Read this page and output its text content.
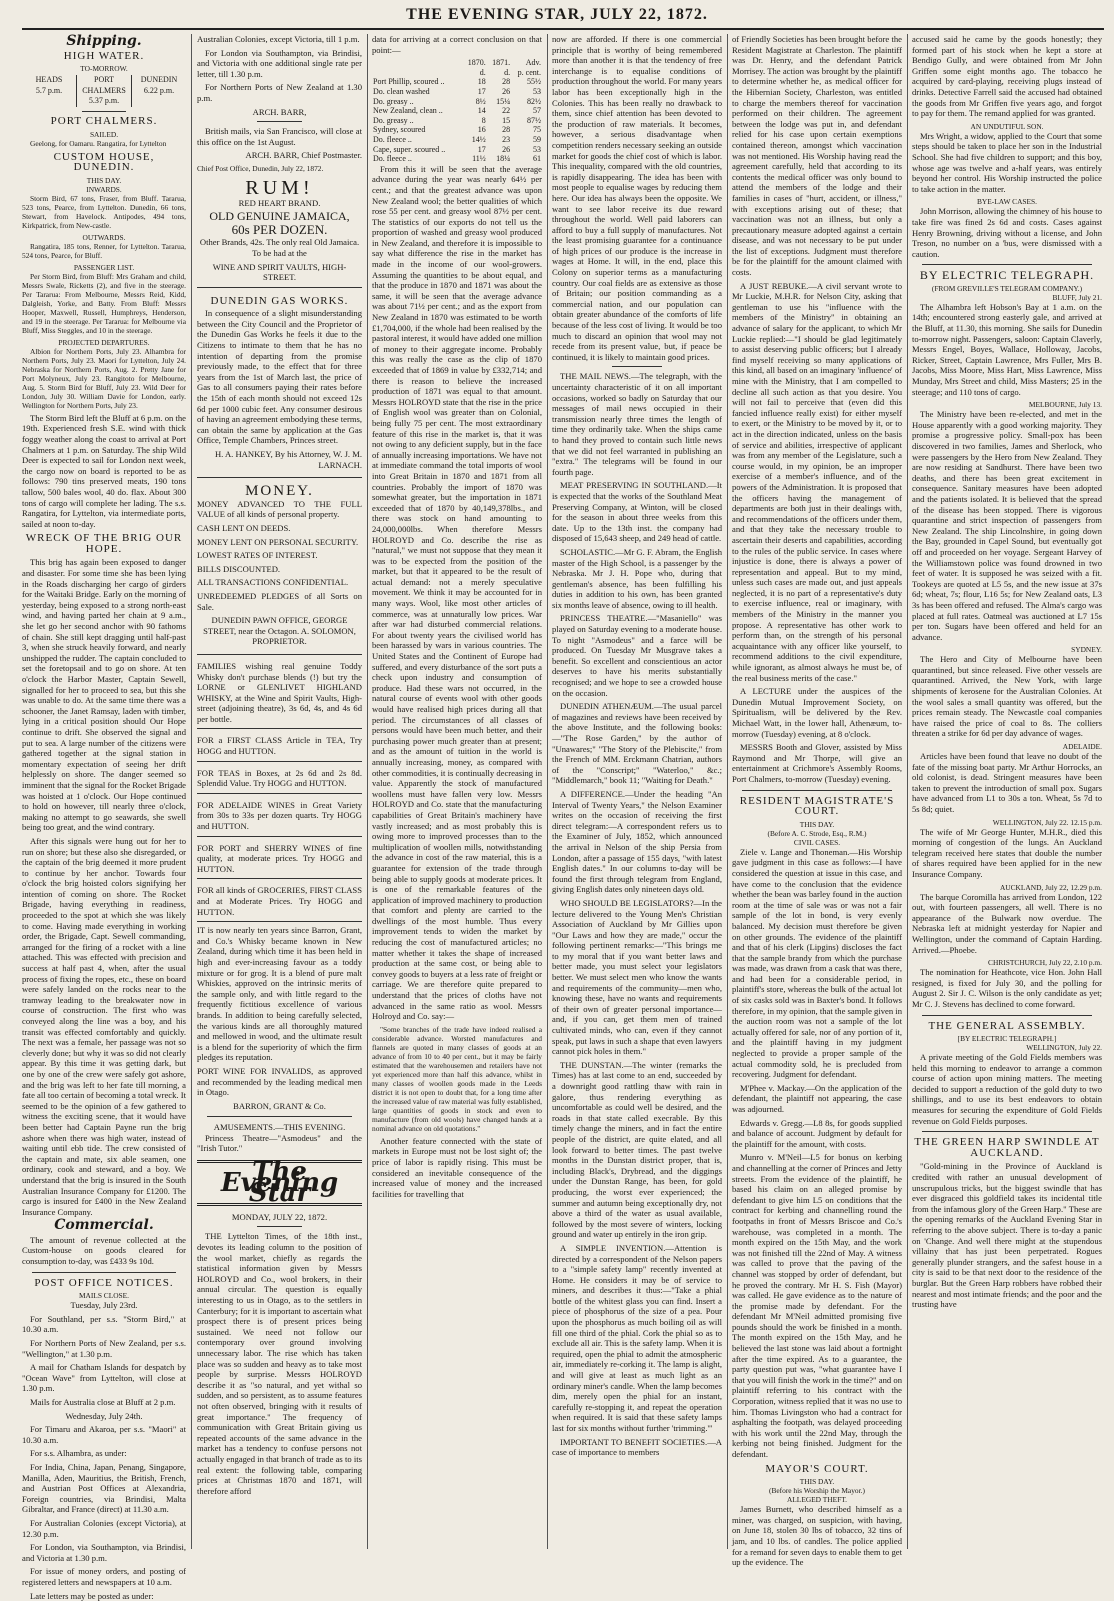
THE EVENING STAR, JULY 22, 1872.
Shipping.
HIGH WATER.
TO-MORROW.
HEADS
5.7 p.m.
PORT CHALMERS
5.37 p.m.
DUNEDIN
6.22 p.m.
PORT CHALMERS.
SAILED.

Geelong, for Oamaru. Rangatira, for Lyttelton

CUSTOM HOUSE, DUNEDIN.
THIS DAY.
INWARDS.

Storm Bird, 67 tons, Fraser, from Bluff. Tararua, 523 tons, Pearce, from Lyttelton. Dunedin, 66 tons, Stewart, from Havelock. Antipodes, 494 tons, Kirkpatrick, from New-castle.

OUTWARDS.

Rangatira, 185 tons, Renner, for Lyttelton. Tararua, 524 tons, Pearce, for Bluff.

PASSENGER LIST.

Per Storm Bird, from Bluff: Mrs Graham and child, Messrs Swale, Ricketts (2), and five in the steerage. Per Tararua: From Melbourne, Messrs Reid, Kidd, Dalgleish, Yorke, and Batty. From Bluff: Messrs Hooper, Maxwell, Russell, Humphreys, Henderson, and 19 in the steerage. Per Tararua: for Melbourne via Bluff, Miss Steggles, and 10 in the steerage.

PROJECTED DEPARTURES.

Albion for Northern Ports, July 23. Alhambra for Northern Ports, July 23. Maori for Lyttelton, July 24. Nebraska for Northern Ports, Aug. 2. Pretty Jane for Port Molyneux, July 23. Rangitoto for Melbourne, Aug. 5. Storm Bird for Bluff, July 23. Wild Deer for London, July 30. William Davie for London, early. Wellington for Northern Ports, July 23.

The Storm Bird left the Bluff at 6 p.m. on the 19th. Experienced fresh S.E. wind with thick foggy weather along the coast to arrival at Port Chalmers at 1 p.m. on Saturday. The ship Wild Deer is expected to sail for London next week, the cargo now on board is reported to be as follows: 790 tins preserved meats, 190 tons tallow, 500 bales wool, 40 do. flax. About 300 tons of cargo will complete her lading. The s.s. Rangatira, for Lyttelton, via intermediate ports, sailed at noon to-day.

WRECK OF THE BRIG OUR HOPE.

This brig has again been exposed to danger and disaster. For some time she has been lying in the Roads discharging her cargo of girders for the Waitaki Bridge. Early on the morning of yesterday, being exposed to a strong north-east wind, and having parted her chain at 9 a.m., she let go her second anchor with 90 fathoms of chain. She still kept dragging until half-past 3, when she struck heavily forward, and nearly unshipped the rudder. The captain concluded to set the foretopsail and to go on shore. At ten o'clock the Harbor Master, Captain Sewell, signalled for her to proceed to sea, but this she was unable to do. At the same time there was a schooner, the Janet Ramsay, laden with timber, lying in a critical position should Our Hope continue to drift. She observed the signal and put to sea. A large number of the citizens were gathered together at the signal station in momentary expectation of seeing her drift helplessly on shore. The danger seemed so imminent that the signal for the Rocket Brigade was hoisted at 1 o'clock. Our Hope continued to hold on however, till nearly three o'clock, making no attempt to go seawards, she swell being too great, and the wind contrary.

After this signals were hung out for her to run on shore; but these also she disregarded, or the captain of the brig deemed it more prudent to continue by her anchor. Towards four o'clock the brig hoisted colors signifying her intention of coming on shore. The Rocket Brigade, having everything in readiness, proceeded to the spot at which she was likely to come. Having made everything in working order, the Brigade, Capt. Sewell commanding, arranged for the firing of a rocket with a line attached. This was effected with precision and success at half past 4, when, after the usual process of fixing the ropes, etc., these on board were safely landed on the rocks near to the tramway leading to the breakwater now in course of construction. The first who was conveyed along the line was a boy, and his transit was effected comfortably and quickly. The next was a female, her passage was not so cleverly done; but why it was so did not clearly appear. By this time it was getting dark, but one by one of the crew were safely got ashore, and the brig was left to her fate till morning, a fate all too certain of becoming a total wreck. It seemed to be the opinion of a few gathered to witness the exciting scene, that it would have been better had Captain Payne run the brig ashore when there was high water, instead of waiting until ebb tide. The crew consisted of the captain and mate, six able seamen, one ordinary, cook and steward, and a boy. We understand that the brig is insured in the South Australian Insurance Company for £1200. The cargo is insured for £400 in the New Zealand Insurance Company.

Commercial.

The amount of revenue collected at the Custom-house on goods cleared for consumption to-day, was £433 9s 10d.

POST OFFICE NOTICES.
MAILS CLOSE.

Tuesday, July 23rd.

For Southland, per s.s. "Storm Bird," at 10.30 a.m.

For Northern Ports of New Zealand, per s.s. "Wellington," at 1.30 p.m.

A mail for Chatham Islands for despatch by "Ocean Wave" from Lyttelton, will close at 1.30 p.m.

Mails for Australia close at Bluff at 2 p.m.

Wednesday, July 24th.

For Timaru and Akaroa, per s.s. "Maori" at 10.30 a.m.

For s.s. Alhambra, as under:

For India, China, Japan, Penang, Singapore, Manilla, Aden, Mauritius, the British, French, and Austrian Post Offices at Alexandria, Foreign countries, via Brindisi, Malta Gibraltar, and France (direct) at 11.30 a.m.

For Australian Colonies (except Victoria), at 12.30 p.m.

For London, via Southampton, via Brindisi, and Victoria at 1.30 p.m.

For issue of money orders, and posting of registered letters and newspapers at 10 a.m.

Late letters may be posted as under:

Australian Colonies, except Victoria, till 1 p.m.

For London via Southampton, via Brindisi, and Victoria with one additional single rate per letter, till 1.30 p.m.

For Northern Ports of New Zealand at 1.30 p.m.

ARCH. BARR,

British mails, via San Francisco, will close at this office on the 1st August.

ARCH. BARR, Chief Postmaster.

Chief Post Office, Dunedin, July 22, 1872.

RUM!
RED HEART BRAND.
OLD GENUINE JAMAICA,
60s PER DOZEN.

Other Brands, 42s. The only real Old Jamaica. To be had at the

WINE AND SPIRIT VAULTS, HIGH-STREET.
DUNEDIN GAS WORKS.

In consequence of a slight misunderstanding between the City Council and the Proprietor of the Dunedin Gas Works he feels it due to the Citizens to intimate to them that he has no intention of departing from the promise previously made, to the effect that for three years from the 1st of March last, the price of Gas to all consumers paying their rates before the 15th of each month should not exceed 12s 6d per 1000 cubic feet. Any consumer desirous of having an agreement embodying these terms, can obtain the same by application at the Gas Office, Temple Chambers, Princes street.

H. A. HANKEY, By his Attorney, W. J. M. LARNACH.

MONEY.

MONEY ADVANCED TO THE FULL VALUE of all kinds of personal property.

CASH LENT ON DEEDS.

MONEY LENT ON PERSONAL SECURITY.

LOWEST RATES OF INTEREST.

BILLS DISCOUNTED.

ALL TRANSACTIONS CONFIDENTIAL.

UNREDEEMED PLEDGES of all Sorts on Sale.

DUNEDIN PAWN OFFICE, GEORGE STREET, near the Octagon. A. SOLOMON, PROPRIETOR.

FAMILIES wishing real genuine Toddy Whisky don't purchase blends (!) but try the LORNE or GLENLIVET HIGHLAND WHISKY, at the Wine and Spirit Vaults, High-street (adjoining theatre), 3s 6d, 4s, and 4s 6d per bottle.

FOR a FIRST CLASS Article in TEA, Try HOGG and HUTTON.

FOR TEAS in Boxes, at 2s 6d and 2s 8d. Splendid Value. Try HOGG and HUTTON.

FOR ADELAIDE WINES in Great Variety from 30s to 33s per dozen quarts. Try HOGG and HUTTON.

FOR PORT and SHERRY WINES of fine quality, at moderate prices. Try HOGG and HUTTON.

FOR all kinds of GROCERIES, FIRST CLASS and at Moderate Prices. Try HOGG and HUTTON.

IT is now nearly ten years since Barron, Grant, and Co.'s Whisky became known in New Zealand, during which time it has been held in high and ever-increasing favour as a toddy mixture or for grog. It is a blend of pure malt Whiskies, approved on the intrinsic merits of the sample only, and with little regard to the frequently fictitious excellence of various brands. In addition to being carefully selected, the various kinds are all thoroughly matured and mellowed in wood, and the ultimate result is a blend for the superiority of which the firm pledges its reputation.

PORT WINE FOR INVALIDS, as approved and recommended by the leading medical men in Otago.

BARRON, GRANT & Co.

AMUSEMENTS.—THIS EVENING.

Princess Theatre—"Asmodeus" and the "Irish Tutor."

The Evening Star
MONDAY, JULY 22, 1872.

THE Lyttelton Times, of the 18th inst., devotes its leading column to the position of the wool market, chiefly as regards the statistical information given by Messrs HOLROYD and Co., wool brokers, in their annual circular. The question is equally interesting to us in Otago, as to the settlers in Canterbury; for it is important to ascertain what prospect there is of present prices being sustained. We need not follow our contemporary over ground involving unnecessary labor. The rise which has taken place was so sudden and heavy as to take most people by surprise. Messrs HOLROYD describe it as "so natural, and yet withal so sudden, and so persistent, as to assume features not often observed, bringing with it results of great importance." The frequency of communication with Great Britain giving us repeated accounts of the same advance in the market has a tendency to confuse persons not actually engaged in that branch of trade as to its real extent: the following table, comparing prices at Christmas 1870 and 1871, will therefore afford

data for arriving at a correct conclusion on that point:—

	1870.	1871.	Adv.
	d.	d.	p. cent.
Port Phillip, scoured ..	18	28	55½
Do. clean washed	17	26	53
Do. greasy ..	8½	15¼	82½
New Zealand, clean ..	14	22	57
Do. greasy ..	8	15	87½
Sydney, scoured	16	28	75
Do. fleece ..	14½	23	59
Cape, super. scoured ..	17	26	53
Do. fleece ..	11½	18¼	61

From this it will be seen that the average advance during the year was nearly 64½ per cent.; and that the greatest advance was upon New Zealand wool; the better qualities of which rose 55 per cent. and greasy wool 87½ per cent. The statistics of our exports do not tell us the proportion of washed and greasy wool produced in New Zealand, and therefore it is impossible to say what difference the rise in the market has made in the income of our wool-growers. Assuming the quantities to be about equal, and that the produce in 1870 and 1871 was about the same, it will be seen that the average advance was about 71½ per cent.; and as the export from New Zealand in 1870 was estimated to be worth £1,704,000, if the whole had been realised by the pastoral interest, it would have added one million of money to their aggregate income. Probably this was really the case as the clip of 1870 exceeded that of 1869 in value by £332,714; and there is reason to believe the increased production of 1871 was equal to that amount. Messrs HOLROYD state that the rise in the price of English wool was greater than on Colonial, being fully 75 per cent. The most extraordinary feature of this rise in the market is, that it was not owing to any deficient supply, but in the face of annually increasing importations. We have not at immediate command the total imports of wool into Great Britain in 1870 and 1871 from all countries. Probably the import of 1870 was somewhat greater, but the importation in 1871 exceeded that of 1870 by 40,149,378lbs., and there was stock on hand amounting to 24,000,000lbs. When therefore Messrs HOLROYD and Co. describe the rise as "natural," we must not suppose that they mean it was to be expected from the position of the market, but that it appeared to be the result of actual demand: not a merely speculative movement. We think it may be accounted for in many ways. Wool, like most other articles of commerce, was at unnaturally low prices. War after war had disturbed commercial relations. For about twenty years the civilised world has been harassed by wars in various countries. The United States and the Continent of Europe had suffered, and every disturbance of the sort puts a check upon industry and consumption of produce. Had these wars not occurred, in the natural course of events wool with other goods would have realised high prices during all that period. The circumstances of all classes of persons would have been much better, and their purchasing power much greater than at present; and as the amount of tuition in the world is annually increasing, money, as compared with other commodities, it is continually decreasing in value. Apparently the stock of manufactured woollens must have fallen very low. Messrs HOLROYD and Co. state that the manufacturing capabilities of Great Britain's machinery have vastly increased; and as most probably this is owing more to improved processes than to the multiplication of woollen mills, notwithstanding the advance in cost of the raw material, this is a guarantee for extension of the trade through being able to supply goods at moderate prices. It is one of the remarkable features of the application of improved machinery to production that comfort and plenty are carried to the dwellings of the most humble. Thus every improvement tends to widen the market by reducing the cost of manufactured articles; no matter whether it takes the shape of increased production at the same cost, or being able to convey goods to buyers at a less rate of freight or carriage. We are therefore quite prepared to understand that the prices of cloths have not advanced in the same ratio as wool. Messrs Holroyd and Co. say:—

"Some branches of the trade have indeed realised a considerable advance. Worsted manufactures and flannels are quoted in many classes of goods at an advance of from 10 to 40 per cent., but it may be fairly estimated that the warehousemen and retailers have not yet experienced more than half this advance, whilst in many classes of woollen goods made in the Leeds district it is not open to doubt that, for a long time after the increased value of raw material was fully established, large quantities of goods in stock and even to manufacture (from old wools) have changed hands at a nominal advance on old quotations."

Another feature connected with the state of markets in Europe must not be lost sight of; the price of labor is rapidly rising. This must be considered an inevitable consequence of the increased value of money and the increased facilities for travelling that

now are afforded. If there is one commercial principle that is worthy of being remembered more than another it is that the tendency of free interchange is to equalise conditions of production throughout the world. For many years labor has been exceptionally high in the Colonies. This has been really no drawback to them, since chief attention has been devoted to the production of raw materials. It becomes, however, a serious disadvantage when competition renders necessary seeking an outside market for goods the chief cost of which is labor. This inequality, compared with the old countries, is rapidly disappearing. The idea has been with most people to equalise wages by reducing them here. Our idea has always been the opposite. We want to see labor receive its due reward throughout the world. Well paid laborers can afford to buy a full supply of manufactures. Not the least promising guarantee for a continuance of high prices of our produce is the increase in wages at Home. It will, in the end, place this Colony on superior terms as a manufacturing country. Our coal fields are as extensive as those of Britain; our position commanding as a commercial nation, and our population can obtain greater abundance of the comforts of life because of the less cost of living. It would be too much to discard an opinion that wool may not recede from its present value, but, if peace be continued, it is likely to maintain good prices.

THE MAIL NEWS.—The telegraph, with the uncertainty characteristic of it on all important occasions, worked so badly on Saturday that our messages of mail news occupied in their transmission nearly three times the length of time they ordinarily take. When the ships came to hand they proved to contain such little news that we did not feel warranted in publishing an "extra." The telegrams will be found in our fourth page.

MEAT PRESERVING IN SOUTHLAND.—It is expected that the works of the Southland Meat Preserving Company, at Winton, will be closed for the season in about three weeks from this date. Up to the 13th inst. the company had disposed of 15,643 sheep, and 249 head of cattle.

SCHOLASTIC.—Mr G. F. Abram, the English master of the High School, is a passenger by the Nebraska. Mr J. H. Pope who, during that gentleman's absence, has been fulfilling his duties in addition to his own, has been granted six months leave of absence, owing to ill health.

PRINCESS THEATRE.—"Masaniello" was played on Saturday evening to a moderate house. To night "Asmodeus" and a farce will be produced. On Tuesday Mr Musgrave takes a benefit. So excellent and conscientious an actor deserves to have his merits substantially recognised; and we hope to see a crowded house on the occasion.

DUNEDIN ATHENÆUM.—The usual parcel of magazines and reviews have been received by the above Institute, and the following books:—"The Rose Garden," by the author of "Unawares;" "The Story of the Plebiscite," from the French of MM. Erckmann Chatrian, authors of the "Conscript;" "Waterloo," &c.; "Middlemarch," book 11; "Waiting for Death."

A DIFFERENCE.—Under the heading "An Interval of Twenty Years," the Nelson Examiner writes on the occasion of receiving the first direct telegram:—A correspondent refers us to the Examiner of July, 1852, which announced the arrival in Nelson of the ship Persia from London, after a passage of 155 days, "with latest English dates." In our columns to-day will be found the first through telegram from England, giving English dates only nineteen days old.

WHO SHOULD BE LEGISLATORS?—In the lecture delivered to the Young Men's Christian Association of Auckland by Mr Gillies upon "Our Laws and how they are made," occur the following pertinent remarks:—"This brings me to my moral that if you want better laws and better made, you must select your legislators better. We must select men who know the wants and requirements of the community—men who, knowing these, have no wants and requirements of their own of greater personal importance—and, if you can, get them men of trained cultivated minds, who can, even if they cannot speak, put laws in such a shape that even lawyers cannot pick holes in them."

THE DUNSTAN.—The winter (remarks the Times) has at last come to an end, succeeded by a downright good rattling thaw with rain in galore, thus rendering everything as uncomfortable as could well be desired, and the roads in that state called execrable. By this timely change the miners, and in fact the entire people of the district, are quite elated, and all look forward to better times. The past twelve months in the Dunstan district proper, that is, including Black's, Drybread, and the diggings under the Dunstan Range, has been, for gold producing, the worst ever experienced; the summer and autumn being exceptionally dry, not above a third of the water as usual available, followed by the most severe of winters, locking ground and water up entirely in the iron grip.

A SIMPLE INVENTION.—Attention is directed by a correspondent of the Nelson papers to a "simple safety lamp" recently invented at Home. He considers it may be of service to miners, and describes it thus:—"Take a phial bottle of the whitest glass you can find. Insert a piece of phosphorus of the size of a pea. Pour upon the phosphorus as much boiling oil as will fill one third of the phial. Cork the phial so as to exclude all air. This is the safety lamp. When it is required, open the phial to admit the atmospheric air, immediately re-corking it. The lamp is alight, and will give at least as much light as an ordinary miner's candle. When the lamp becomes dim, merely open the phial for an instant, carefully re-stopping it, and repeat the operation when required. It is said that these safety lamps last for six months without further 'trimming.'"

IMPORTANT TO BENEFIT SOCIETIES.—A case of importance to members

of Friendly Societies has been brought before the Resident Magistrate at Charleston. The plaintiff was Dr. Henry, and the defendant Patrick Morrisey. The action was brought by the plaintiff to determine whether he, as medical officer for the Hibernian Society, Charleston, was entitled to charge the members thereof for vaccination performed on their children. The agreement between the lodge was put in, and defendant relied for his case upon certain exemptions contained thereon, amongst which vaccination was not mentioned. His Worship having read the agreement carefully, held that according to its contents the medical officer was only bound to attend the members of the lodge and their families in cases of "hurt, accident, or illness," with exceptions arising out of these; that vaccination was not an illness, but only a precautionary measure adopted against a certain disease, and was not necessary to be put under the list of exceptions. Judgment must therefore be for the plaintiff for the amount claimed with costs.

A JUST REBUKE.—A civil servant wrote to Mr Luckie, M.H.R. for Nelson City, asking that gentleman to use his "influence with the members of the Ministry" in obtaining an advance of salary for the applicant, to which Mr Luckie replied:—"I should be glad legitimately to assist deserving public officers; but I already find myself receiving so many applications of this kind, all based on an imaginary 'influence' of mine with the Ministry, that I am compelled to decline all such action as that you desire. You will not fail to perceive that (even did this fancied influence really exist) for either myself to exert, or the Ministry to be moved by it, or to act in the direction indicated, unless on the basis of service and abilities, irrespective of applicant was from any member of the Legislature, such a course would, in my opinion, be an improper exercise of a member's influence, and of the powers of the Administration. It is proposed that the officers having the management of departments are both just in their dealings with, and recommendations of the officers under them, and that they take the necessary trouble to ascertain their deserts and capabilities, according to the rules of the public service. In cases where injustice is done, there is always a power of representation and appeal. But to my mind, unless such cases are made out, and just appeals neglected, it is no part of a representative's duty to exercise influence, real or imaginary, with members of the Ministry in the manner you propose. A representative has other work to perform than, on the strength of his personal acquaintance with any officer like yourself, to recommend additions to the civil expenditure, while ignorant, as almost always he must be, of the real business merits of the case."

A LECTURE under the auspices of the Dunedin Mutual Improvement Society, on Spiritualism, will be delivered by the Rev. Michael Watt, in the lower hall, Athenæum, to-morrow (Tuesday) evening, at 8 o'clock.

MESSRS Booth and Glover, assisted by Miss Raymond and Mr Thorpe, will give an entertainment at Crichmore's Assembly Rooms, Port Chalmers, to-morrow (Tuesday) evening.

RESIDENT MAGISTRATE'S COURT.
THIS DAY.
(Before A. C. Strode, Esq., R.M.)
CIVIL CASES.

Ziele v. Lange and Thoneman.—His Worship gave judgment in this case as follows:—I have considered the question at issue in this case, and have come to the conclusion that the evidence whether the bean was barley found in the auction room at the time of sale was or was not a fair sample of the lot in bond, is very evenly balanced. My decision must therefore be given on other grounds. The evidence of the plaintiff and that of his clerk (Lipgins) discloses the fact that the sample brandy from which the purchase was made, was drawn from a cask that was there, and had been for a considerable period, in plaintiff's store, whereas the bulk of the actual lot of six casks sold was in Baxter's bond. It follows therefore, in my opinion, that the sample given in the auction room was not a sample of the lot actually offered for sale, nor of any portion of it, and the plaintiff having in my judgment neglected to provide a proper sample of the actual commodity sold, he is precluded from recovering. Judgment for defendant.

M'Phee v. Mackay.—On the application of the defendant, the plaintiff not appearing, the case was adjourned.

Edwards v. Gregg.—L8 8s, for goods supplied and balance of account. Judgment by default for the plaintiff for the amount, with costs.

Munro v. M'Neil—L5 for bonus on kerbing and channelling at the corner of Princes and Jetty streets. From the evidence of the plaintiff, he based his claim on an alleged promise by defendant to give him L5 on conditions that the contract for kerbing and channelling round the footpaths in front of Messrs Briscoe and Co.'s warehouse, was completed in a month. The month expired on the 15th May, and the work was not finished till the 22nd of May. A witness was called to prove that the paving of the channel was stopped by order of defendant, but he proved the contrary. Mr H. S. Fish (Mayor) was called. He gave evidence as to the nature of the promise made by defendant. For the defendant Mr M'Neil admitted promising five pounds should the work be finished in a month. The month expired on the 15th May, and he believed the last stone was laid about a fortnight after the time expired. As to a guarantee, the party question put was, "what guarantee have I that you will finish the work in the time?" and on plaintiff referring to his contract with the Corporation, witness replied that it was no use to him. Thomas Livingston who had a contract for asphalting the footpath, was delayed proceeding with his work until the 22nd May, through the kerbing not being finished. Judgment for the defendant.

MAYOR'S COURT.
THIS DAY.
(Before his Worship the Mayor.)
ALLEGED THEFT.

James Burnett, who described himself as a miner, was charged, on suspicion, with having, on June 18, stolen 30 lbs of tobacco, 32 tins of jam, and 10 lbs. of candles. The police applied for a remand for seven days to enable them to get up the evidence. The

accused said he came by the goods honestly; they formed part of his stock when he kept a store at Bendigo Gully, and were obtained from Mr John Griffen some eight months ago. The tobacco he acquired by card-playing, receiving plugs instead of drinks. Detective Farrell said the accused had obtained the goods from Mr Griffen five years ago, and forgot to pay for them. The remand applied for was granted.

AN UNDUTIFUL SON.

Mrs Wright, a widow, applied to the Court that some steps should be taken to place her son in the Industrial School. She had five children to support; and this boy, whose age was twelve and a-half years, was entirely beyond her control. His Worship instructed the police to take action in the matter.

BYE-LAW CASES.

John Morrison, allowing the chimney of his house to take fire was fined 2s 6d and costs. Cases against Henry Browning, driving without a license, and John Treson, no number on a 'bus, were dismissed with a caution.

BY ELECTRIC TELEGRAPH.
(FROM GREVILLE'S TELEGRAM COMPANY.)
BLUFF, July 21.

The Alhambra left Hobson's Bay at 1 a.m. on the 14th; encountered strong easterly gale, and arrived at the Bluff, at 11.30, this morning. She sails for Dunedin to-morrow night. Passengers, saloon: Captain Claverly, Messrs Engel, Boyes, Wallace, Holloway, Jacobs, Ricker, Street, Captain Lawrence, Mrs Fuller, Mrs B. Jacobs, Miss Moore, Miss Hart, Miss Lawrence, Miss Munday, Mrs Street and child, Miss Masters; 25 in the steerage; and 110 tons of cargo.

MELBOURNE, July 13.

The Ministry have been re-elected, and met in the House apparently with a good working majority. They promise a progressive policy. Small-pox has been discovered in two families, James and Sherlock, who were passengers by the Hero from New Zealand. They are now residing at Sandhurst. There have been two deaths, and there has been great excitement in consequence. Sanitary measures have been adopted and the patients isolated. It is believed that the spread of the disease has been stopped. There is vigorous quarantine and strict inspection of passengers from New Zealand. The ship Lincolnshire, in going down the Bay, grounded in Capel Sound, but eventually got off and proceeded on her voyage. Sergeant Harvey of the Williamstown police was found drowned in two feet of water. It is supposed he was seized with a fit. Tookeys are quoted at L5 5s, and the new issue at 37s 6d; wheat, 7s; flour, L16 5s; for New Zealand oats, L3 3s has been offered and refused. The Alma's cargo was placed at full rates. Oatmeal was auctioned at L7 15s per ton. Sugars have been offered and held for an advance.

SYDNEY.

The Hero and City of Melbourne have been quarantined, but since released. Five other vessels are quarantined. Arrived, the New York, with large shipments of kerosene for the Australian Colonies. At the wool sales a small quantity was offered, but the prices remain steady. The Newcastle coal companies have raised the price of coal to 8s. The colliers threaten a strike for 6d per day advance of wages.

ADELAIDE.

Articles have been found that leave no doubt of the fate of the missing boat party. Mr Arthur Horrocks, an old colonist, is dead. Stringent measures have been taken to prevent the introduction of small pox. Sugars have advanced from L1 to 30s a ton. Wheat, 5s 7d to 5s 8d; quiet.

WELLINGTON, July 22. 12.15 p.m.

The wife of Mr George Hunter, M.H.R., died this morning of congestion of the lungs. An Auckland telegram received here states that double the number of shares required have been applied for in the new Insurance Company.

AUCKLAND, July 22, 12.29 p.m.

The barque Coromilla has arrived from London, 122 out, with fourteen passengers, all well. There is no appearance of the Bulwark now overdue. The Nebraska left at midnight yesterday for Napier and Wellington, under the command of Captain Harding. Arrived.—Phoebe.

CHRISTCHURCH, July 22, 2.10 p.m.

The nomination for Heathcote, vice Hon. John Hall resigned, is fixed for July 30, and the polling for August 2. Sir J. C. Wilson is the only candidate as yet; Mr C. J. Stevens has declined to come forward.

THE GENERAL ASSEMBLY.
[BY ELECTRIC TELEGRAPH.]
WELLINGTON, July 22.

A private meeting of the Gold Fields members was held this morning to endeavor to arrange a common course of action upon mining matters. The meeting decided to support a reduction of the gold duty to two shillings, and to use its best endeavors to obtain measures for securing the expenditure of Gold Fields revenue on Gold Fields purposes.

THE GREEN HARP SWINDLE AT AUCKLAND.

"Gold-mining in the Province of Auckland is credited with rather an unusual development of unscrupulous tricks, but the biggest swindle that has ever disgraced this goldfield takes its incidental title from the infamous glory of the Green Harp." These are the opening remarks of the Auckland Evening Star in referring to the above subject. There is to-day a panic on 'Change. And well there might at the stupendous villainy that has just been perpetrated. Rogues generally plunder strangers, and the safest house in a city is said to be that next door to the residence of the burglar. But the Green Harp robbers have robbed their nearest and most intimate friends; and the poor and the trusting have
